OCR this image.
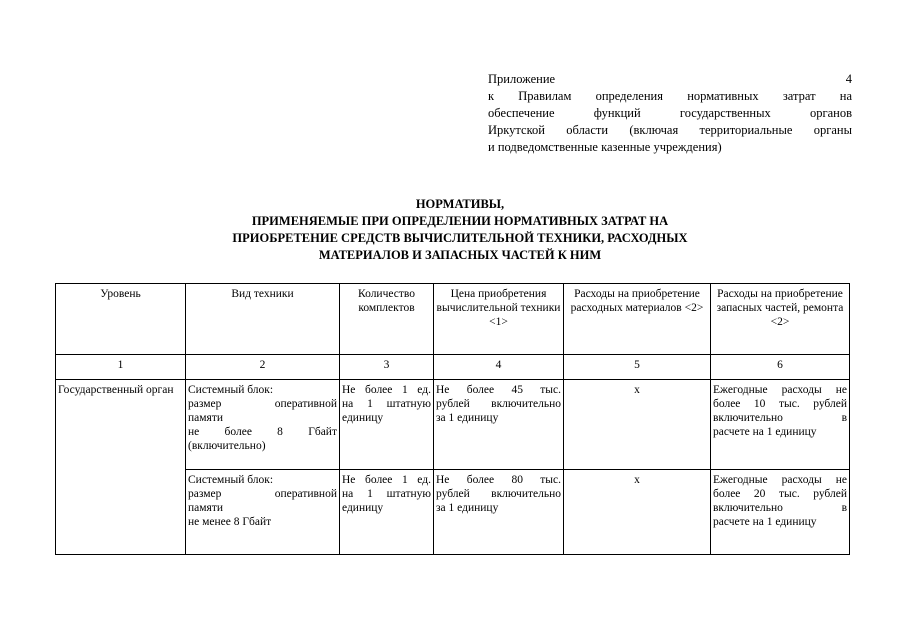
Приложение 4
к Правилам определения нормативных затрат на
обеспечение функций государственных органов
Иркутской области (включая территориальные органы
и подведомственные казенные учреждения)
НОРМАТИВЫ,
ПРИМЕНЯЕМЫЕ ПРИ ОПРЕДЕЛЕНИИ НОРМАТИВНЫХ ЗАТРАТ НА
ПРИОБРЕТЕНИЕ СРЕДСТВ ВЫЧИСЛИТЕЛЬНОЙ ТЕХНИКИ, РАСХОДНЫХ
МАТЕРИАЛОВ И ЗАПАСНЫХ ЧАСТЕЙ К НИМ
Уровень	Вид техники	Количество комплектов	Цена приобретения вычислительной техники <1>	Расходы на приобретение расходных материалов <2>	Расходы на приобретение запасных частей, ремонта <2>
1	2	3	4	5	6
Государственный орган	Системный блок:
размер оперативной
памяти
не более 8 Гбайт
(включительно)	Не более 1 ед.
на 1 штатную
единицу	Не более 45 тыс.
рублей включительно
за 1 единицу	х	Ежегодные расходы не
более 10 тыс. рублей
включительно в
расчете на 1 единицу

	Системный блок:
размер оперативной
памяти
не менее 8 Гбайт	Не более 1 ед.
на 1 штатную
единицу	Не более 80 тыс.
рублей включительно
за 1 единицу	х	Ежегодные расходы не
более 20 тыс. рублей
включительно в
расчете на 1 единицу
